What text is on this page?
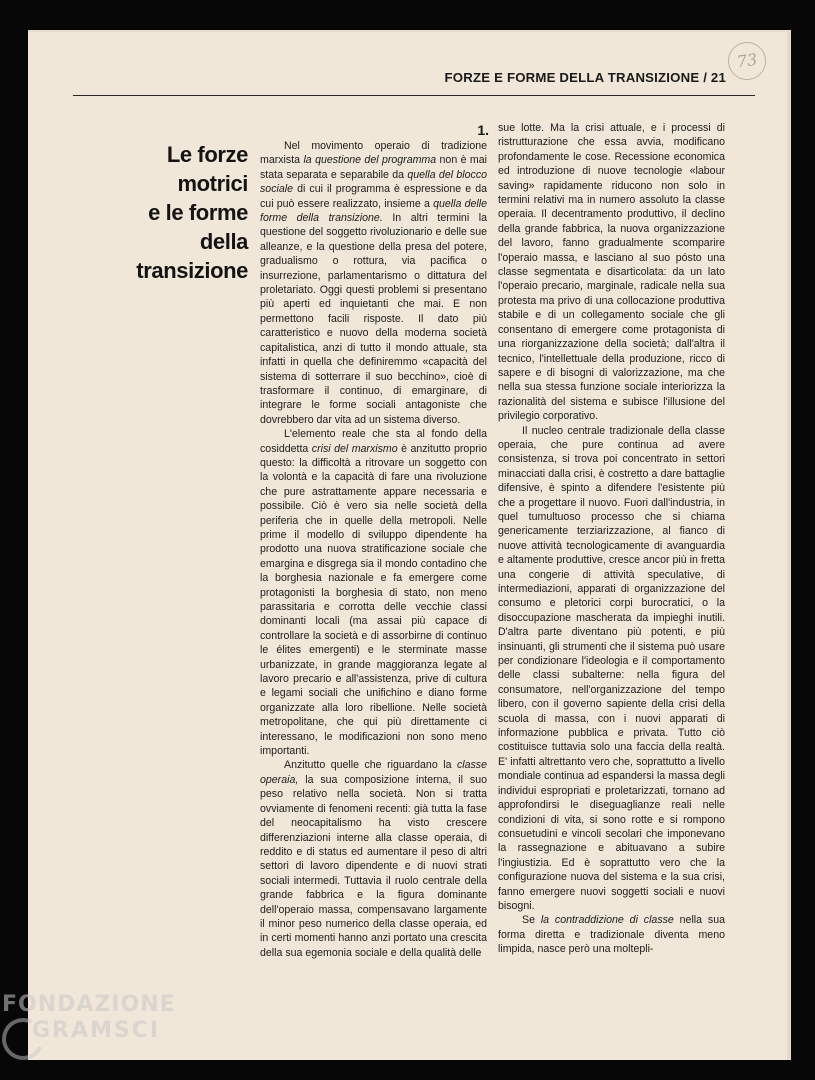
FORZE E FORME DELLA TRANSIZIONE / 21
73
Le forze
motrici
e le forme
della
transizione
1.

Nel movimento operaio di tradizione marxista la questione del programma non è mai stata separata e separabile da quella del blocco sociale di cui il programma è espressione e da cui può essere realizzato, insieme a quella delle forme della transizione. In altri termini la questione del soggetto rivoluzionario e delle sue alleanze, e la questione della presa del potere, gradualismo o rottura, via pacifica o insurrezione, parlamentarismo o dittatura del proletariato. Oggi questi problemi si presentano più aperti ed inquietanti che mai. E non permettono facili risposte. Il dato più caratteristico e nuovo della moderna società capitalistica, anzi di tutto il mondo attuale, sta infatti in quella che definiremmo «capacità del sistema di sotterrare il suo becchino», cioè di trasformare il continuo, di emarginare, di integrare le forme sociali antagoniste che dovrebbero dar vita ad un sistema diverso.

L'elemento reale che sta al fondo della cosiddetta crisi del marxismo è anzitutto proprio questo: la difficoltà a ritrovare un soggetto con la volontà e la capacità di fare una rivoluzione che pure astrattamente appare necessaria e possibile. Ciò è vero sia nelle società della periferia che in quelle della metropoli. Nelle prime il modello di sviluppo dipendente ha prodotto una nuova stratificazione sociale che emargina e disgrega sia il mondo contadino che la borghesia nazionale e fa emergere come protagonisti la borghesia di stato, non meno parassitaria e corrotta delle vecchie classi dominanti locali (ma assai più capace di controllare la società e di assorbirne di continuo le élites emergenti) e le sterminate masse urbanizzate, in grande maggioranza legate al lavoro precario e all'assistenza, prive di cultura e legami sociali che unifichino e diano forme organizzate alla loro ribellione. Nelle società metropolitane, che qui più direttamente ci interessano, le modificazioni non sono meno importanti.

Anzitutto quelle che riguardano la classe operaia, la sua composizione interna, il suo peso relativo nella società. Non si tratta ovviamente di fenomeni recenti: già tutta la fase del neocapitalismo ha visto crescere differenziazioni interne alla classe operaia, di reddito e di status ed aumentare il peso di altri settori di lavoro dipendente e di nuovi strati sociali intermedi. Tuttavia il ruolo centrale della grande fabbrica e la figura dominante dell'operaio massa, compensavano largamente il minor peso numerico della classe operaia, ed in certi momenti hanno anzi portato una crescita della sua egemonia sociale e della qualità delle

sue lotte. Ma la crisi attuale, e i processi di ristrutturazione che essa avvia, modificano profondamente le cose. Recessione economica ed introduzione di nuove tecnologie «labour saving» rapidamente riducono non solo in termini relativi ma in numero assoluto la classe operaia. Il decentramento produttivo, il declino della grande fabbrica, la nuova organizzazione del lavoro, fanno gradualmente scomparire l'operaio massa, e lasciano al suo pósto una classe segmentata e disarticolata: da un lato l'operaio precario, marginale, radicale nella sua protesta ma privo di una collocazione produttiva stabile e di un collegamento sociale che gli consentano di emergere come protagonista di una riorganizzazione della società; dall'altra il tecnico, l'intellettuale della produzione, ricco di sapere e di bisogni di valorizzazione, ma che nella sua stessa funzione sociale interiorizza la razionalità del sistema e subisce l'illusione del privilegio corporativo.

Il nucleo centrale tradizionale della classe operaia, che pure continua ad avere consistenza, si trova poi concentrato in settori minacciati dalla crisi, è costretto a dare battaglie difensive, è spinto a difendere l'esistente più che a progettare il nuovo. Fuori dall'industria, in quel tumultuoso processo che si chiama genericamente terziarizzazione, al fianco di nuove attività tecnologicamente di avanguardia e altamente produttive, cresce ancor più in fretta una congerie di attività speculative, di intermediazioni, apparati di organizzazione del consumo e pletorici corpi burocratici, o la disoccupazione mascherata da impieghi inutili. D'altra parte diventano più potenti, e più insinuanti, gli strumenti che il sistema può usare per condizionare l'ideologia e il comportamento delle classi subalterne: nella figura del consumatore, nell'organizzazione del tempo libero, con il governo sapiente della crisi della scuola di massa, con i nuovi apparati di informazione pubblica e privata. Tutto ciò costituisce tuttavia solo una faccia della realtà. E' infatti altrettanto vero che, soprattutto a livello mondiale continua ad espandersi la massa degli individui espropriati e proletarizzati, tornano ad approfondirsi le diseguaglianze reali nelle condizioni di vita, si sono rotte e si rompono consuetudini e vincoli secolari che imponevano la rassegnazione e abituavano a subire l'ingiustizia. Ed è soprattutto vero che la configurazione nuova del sistema e la sua crisi, fanno emergere nuovi soggetti sociali e nuovi bisogni.

Se la contraddizione di classe nella sua forma diretta e tradizionale diventa meno limpida, nasce però una moltepli-

FONDAZIONE
GRAMSCI
